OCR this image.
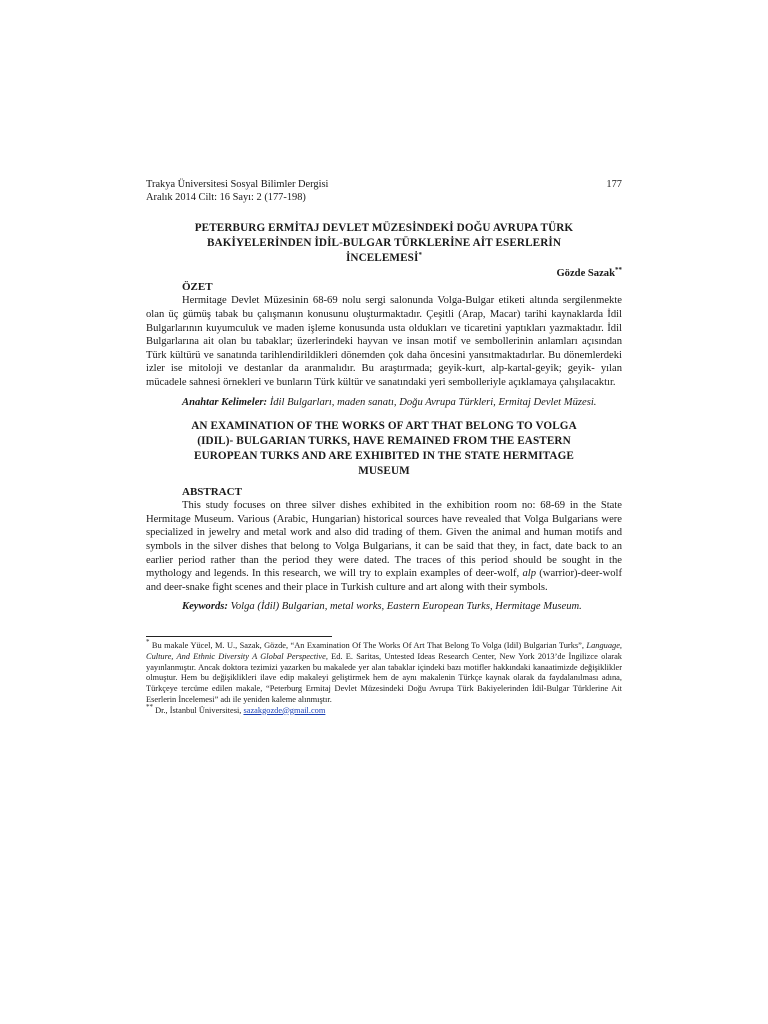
Trakya Üniversitesi Sosyal Bilimler Dergisi	177
Aralık 2014 Cilt: 16 Sayı: 2 (177-198)
PETERBURG ERMİTAJ DEVLET MÜZESİNDEKİ DOĞU AVRUPA TÜRK
BAKİYELERİNDEN İDİL-BULGAR TÜRKLERİNE AİT ESERLERİN
İNCELEMESİ*
Gözde Sazak**
ÖZET

Hermitage Devlet Müzesinin 68-69 nolu sergi salonunda Volga-Bulgar etiketi altında sergilenmekte olan üç gümüş tabak bu çalışmanın konusunu oluşturmaktadır. Çeşitli (Arap, Macar) tarihi kaynaklarda İdil Bulgarlarının kuyumculuk ve maden işleme konusunda usta oldukları ve ticaretini yaptıkları yazmaktadır. İdil Bulgarlarına ait olan bu tabaklar; üzerlerindeki hayvan ve insan motif ve sembollerinin anlamları açısından Türk kültürü ve sanatında tarihlendirildikleri dönemden çok daha öncesini yansıtmaktadırlar. Bu dönemlerdeki izler ise mitoloji ve destanlar da aranmalıdır. Bu araştırmada; geyik-kurt, alp-kartal-geyik; geyik- yılan mücadele sahnesi örnekleri ve bunların Türk kültür ve sanatındaki yeri sembolleriyle açıklamaya çalışılacaktır.

Anahtar Kelimeler: İdil Bulgarları, maden sanatı, Doğu Avrupa Türkleri, Ermitaj Devlet Müzesi.

AN EXAMINATION OF THE WORKS OF ART THAT BELONG TO VOLGA
(IDIL)- BULGARIAN TURKS, HAVE REMAINED FROM THE EASTERN
EUROPEAN TURKS AND ARE EXHIBITED IN THE STATE HERMITAGE
MUSEUM
ABSTRACT

This study focuses on three silver dishes exhibited in the exhibition room no: 68-69 in the State Hermitage Museum. Various (Arabic, Hungarian) historical sources have revealed that Volga Bulgarians were specialized in jewelry and metal work and also did trading of them. Given the animal and human motifs and symbols in the silver dishes that belong to Volga Bulgarians, it can be said that they, in fact, date back to an earlier period rather than the period they were dated. The traces of this period should be sought in the mythology and legends. In this research, we will try to explain examples of deer-wolf, alp (warrior)-deer-wolf and deer-snake fight scenes and their place in Turkish culture and art along with their symbols.

Keywords: Volga (İdil) Bulgarian, metal works, Eastern European Turks, Hermitage Museum.

* Bu makale Yücel, M. U., Sazak, Gözde, “An Examination Of The Works Of Art That Belong To Volga (Idil) Bulgarian Turks”, Language, Culture, And Ethnic Diversity A Global Perspective, Ed. E. Saritas, Untested Ideas Research Center, New York 2013’de İngilizce olarak yayınlanmıştır. Ancak doktora tezimizi yazarken bu makalede yer alan tabaklar içindeki bazı motifler hakkındaki kanaatimizde değişiklikler olmuştur. Hem bu değişiklikleri ilave edip makaleyi geliştirmek hem de aynı makalenin Türkçe kaynak olarak da faydalanılması adına, Türkçeye tercüme edilen makale, “Peterburg Ermitaj Devlet Müzesindeki Doğu Avrupa Türk Bakiyelerinden İdil-Bulgar Türklerine Ait Eserlerin İncelemesi” adı ile yeniden kaleme alınmıştır.

** Dr., İstanbul Üniversitesi, sazakgozde@gmail.com
